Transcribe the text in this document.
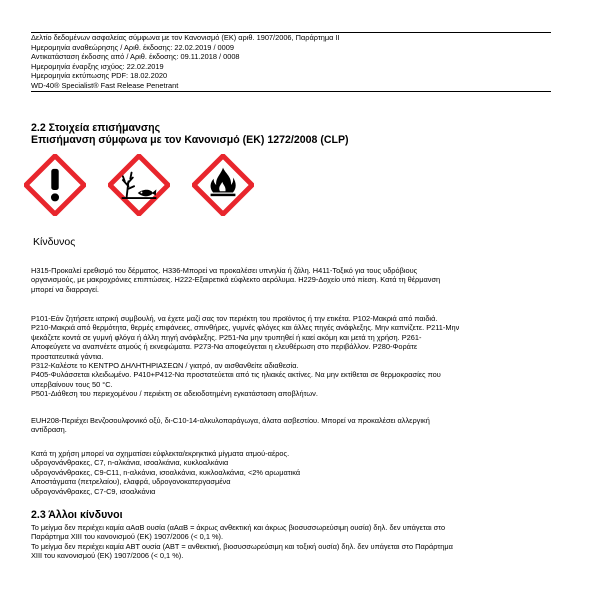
Δελτίο δεδομένων ασφαλείας σύμφωνα με τον Κανονισμό (ΕΚ) αριθ. 1907/2006, Παράρτημα II
Ημερομηνία αναθεώρησης / Αριθ. έκδοσης: 22.02.2019 / 0009
Αντικατάσταση έκδοσης από / Αριθ. έκδοσης: 09.11.2018 / 0008
Ημερομηνία έναρξης ισχύος: 22.02.2019
Ημερομηνία εκτύπωσης PDF: 18.02.2020
WD-40® Specialist® Fast Release Penetrant
2.2 Στοιχεία επισήμανσης
Επισήμανση σύμφωνα με τον Κανονισμό (ΕΚ) 1272/2008 (CLP)
Κίνδυνος

H315-Προκαλεί ερεθισμό του δέρματος. H336-Μπορεί να προκαλέσει υπνηλία ή ζάλη. H411-Τοξικό για τους υδρόβιους

οργανισμούς, με μακροχρόνιες επιπτώσεις. H222-Εξαιρετικά εύφλεκτο αερόλυμα. H229-Δοχείο υπό πίεση. Κατά τη θέρμανση

μπορεί να διαρραγεί.

P101-Εάν ζητήσετε ιατρική συμβουλή, να έχετε μαζί σας τον περιέκτη του προϊόντος ή την ετικέτα. P102-Μακριά από παιδιά.

P210-Μακριά από θερμότητα, θερμές επιφάνειες, σπινθήρες, γυμνές φλόγες και άλλες πηγές ανάφλεξης. Μην καπνίζετε. P211-Μην

ψεκάζετε κοντά σε γυμνή φλόγα ή άλλη πηγή ανάφλεξης. P251-Να μην τρυπηθεί ή καεί ακόμη και μετά τη χρήση. P261-

Αποφεύγετε να αναπνέετε ατμούς ή εκνεφώματα. P273-Να αποφεύγεται η ελευθέρωση στο περιβάλλον. P280-Φοράτε

προστατευτικά γάντια.

P312-Καλέστε το ΚΕΝΤΡΟ ΔΗΛΗΤΗΡΙΑΣΕΩΝ / γιατρό, αν αισθανθείτε αδιαθεσία.

P405-Φυλάσσεται κλειδωμένο. P410+P412-Να προστατεύεται από τις ηλιακές ακτίνες. Να μην εκτίθεται σε θερμοκρασίες που

υπερβαίνουν τους 50 °C.

P501-Διάθεση του περιεχομένου / περιέκτη σε αδειοδοτημένη εγκατάσταση αποβλήτων.

EUH208-Περιέχει Βενζοσουλφονικό οξύ, δι-C10-14-αλκυλοπαράγωγα, άλατα ασβεστίου. Μπορεί να προκαλέσει αλλεργική

αντίδραση.

Κατά τη χρήση μπορεί να σχηματίσει εύφλεκτα/εκρηκτικά μίγματα ατμού-αέρος.

υδρογονάνθρακες, C7, n-αλκάνια, ισοαλκάνια, κυκλοαλκάνια

υδρογονάνθρακες, C9-C11, n-αλκάνια, ισοαλκάνια, κυκλοαλκάνια, <2% αρωματικά

Αποστάγματα (πετρελαίου), ελαφρά, υδρογονοκατεργασμένα

υδρογονάνθρακες, C7-C9, ισοαλκάνια

2.3 Άλλοι κίνδυνοι

Το μείγμα δεν περιέχει καμία αΑαΒ ουσία (αΑαΒ = άκρως ανθεκτική και άκρως βιοσυσσωρεύσιμη ουσία) δηλ. δεν υπάγεται στο

Παράρτημα XIII του κανονισμού (ΕΚ) 1907/2006 (< 0,1 %).

Το μείγμα δεν περιέχει καμία ΑΒΤ ουσία (ΑΒΤ = ανθεκτική, βιοσυσσωρεύσιμη και τοξική ουσία) δηλ. δεν υπάγεται στο Παράρτημα

XIII του κανονισμού (ΕΚ) 1907/2006 (< 0,1 %).
